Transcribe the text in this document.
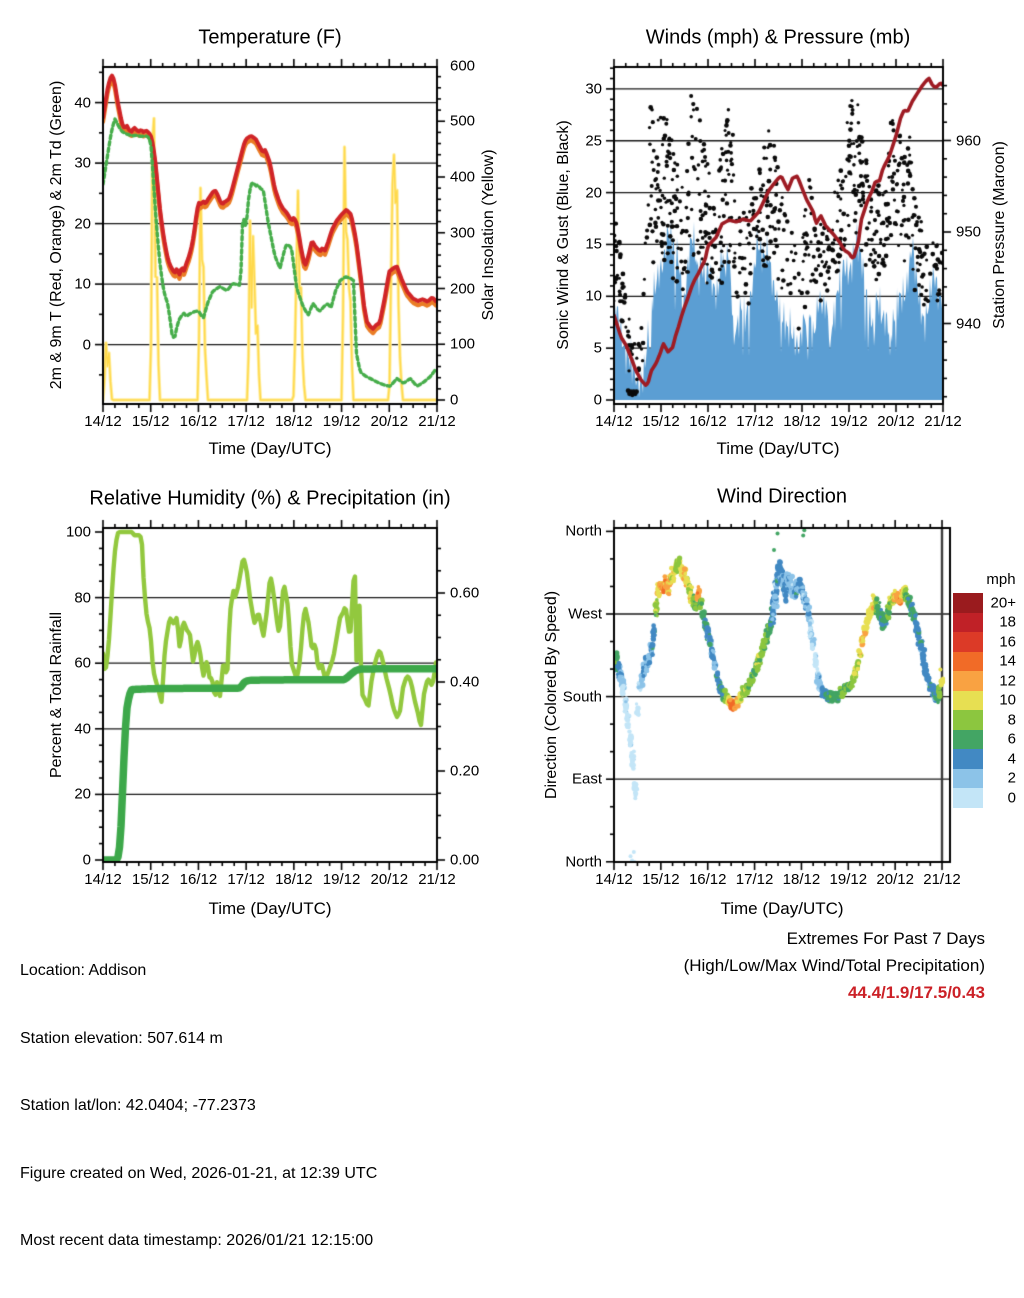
Temperature (F)	Winds (mph) & Pressure (mb)
Relative Humidity (%) & Precipitation (in)	Wind Direction
2m & 9m T (Red, Orange) & 2m Td (Green)	Solar Insolation (Yellow)	Sonic Wind & Gust (Blue, Black)	Station Pressure (Maroon)
Percent & Total Rainfall	Direction (Colored By Speed)
Time (Day/UTC)	Time (Day/UTC)
Time (Day/UTC)	Time (Day/UTC)
0
10
20
30
40
0
100
200
300
400
500
600
14/12 15/12 16/12 17/12 18/12 19/12 20/12 21/12
0
5
10
15
20
25
30
940
950
960
14/12 15/12 16/12 17/12 18/12 19/12 20/12 21/12
0
20
40
60
80
100
0.00
0.20
0.40
0.60
14/12 15/12 16/12 17/12 18/12 19/12 20/12 21/12
North
East
South
West
North
14/12 15/12 16/12 17/12 18/12 19/12 20/12 21/12
20+
18
16
14
12
10
8
6
4
2
0
mph

Location: Addison

Station elevation: 507.614 m

Station lat/lon: 42.0404; -77.2373

Figure created on Wed, 2026-01-21, at 12:39 UTC

Most recent data timestamp: 2026/01/21 12:15:00

Extremes For Past 7 Days
(High/Low/Max Wind/Total Precipitation)
44.4/1.9/17.5/0.43
